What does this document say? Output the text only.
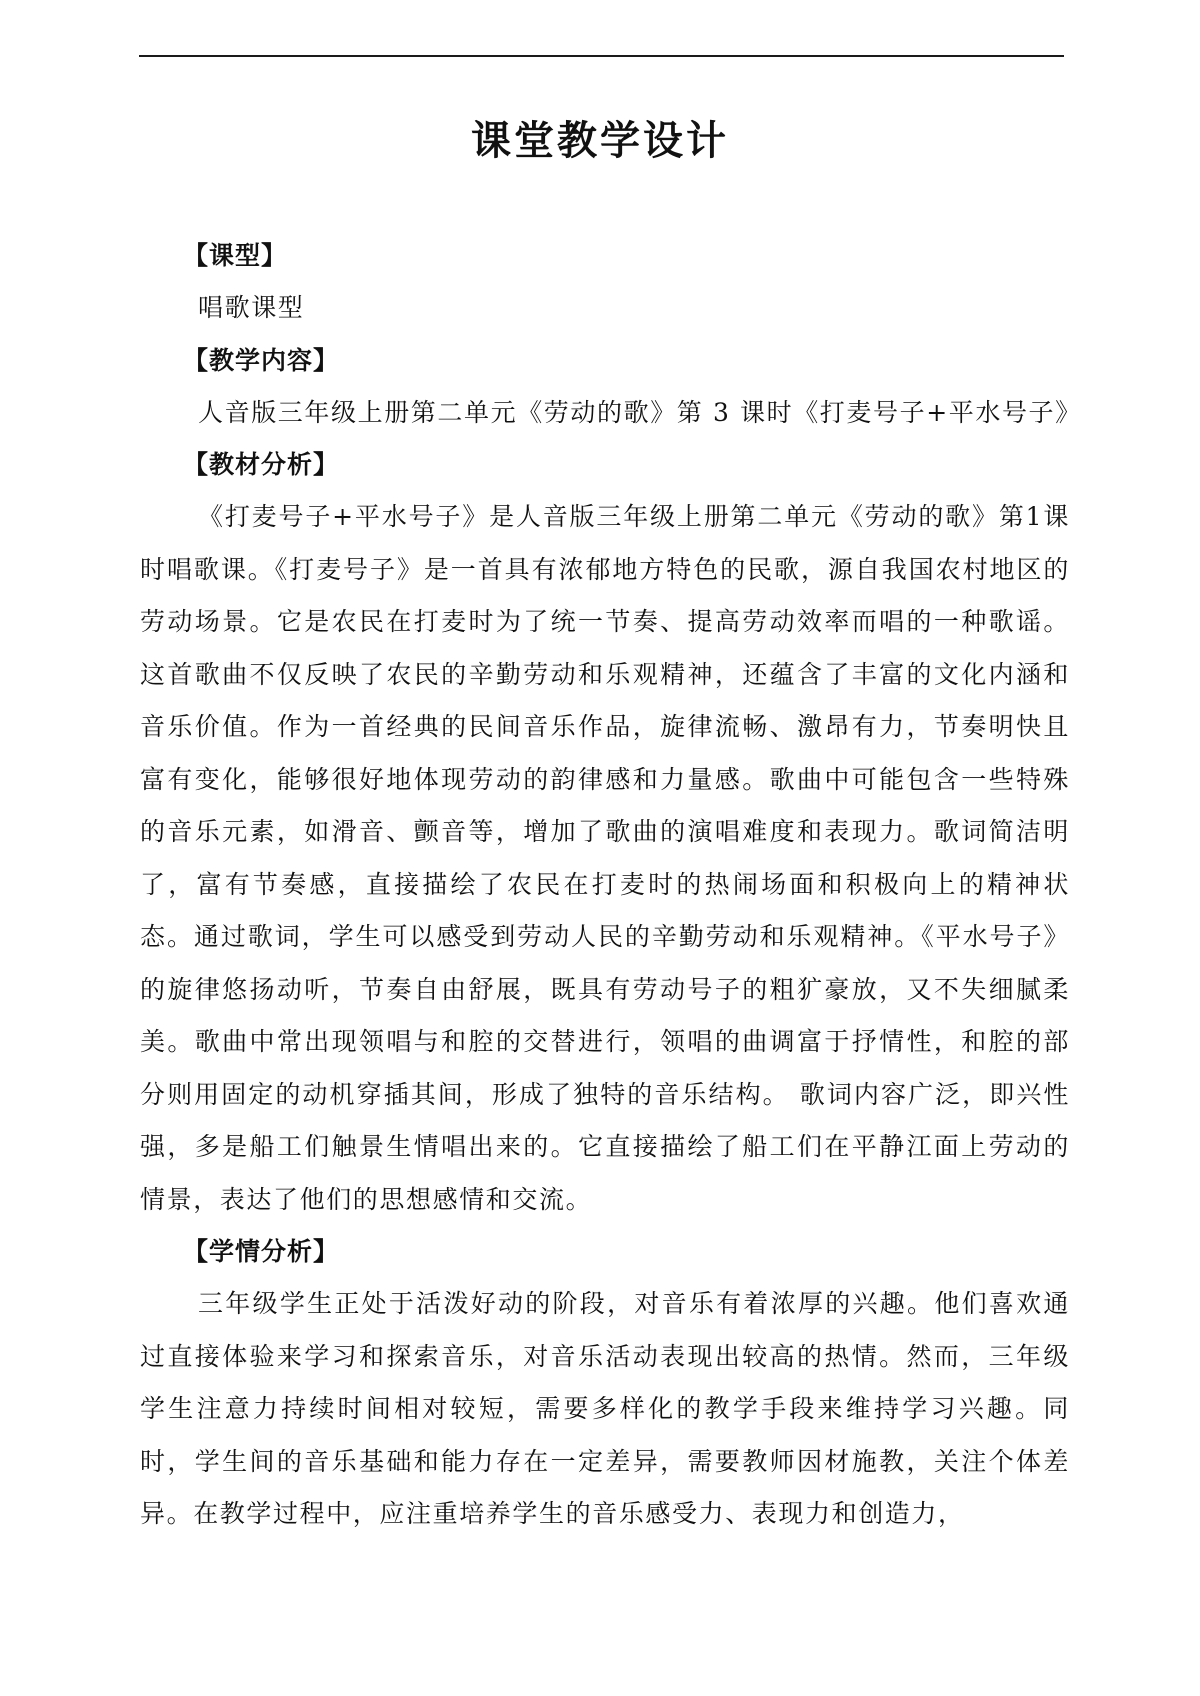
课堂教学设计
【课型】

唱歌课型

【教学内容】

人音版三年级上册第二单元《劳动的歌》第 3 课时《打麦号子+平水号子》

【教材分析】

《打麦号子+平水号子》是人音版三年级上册第二单元《劳动的歌》第1课时唱歌课。《打麦号子》是一首具有浓郁地方特色的民歌，源自我国农村地区的劳动场景。它是农民在打麦时为了统一节奏、提高劳动效率而唱的一种歌谣。这首歌曲不仅反映了农民的辛勤劳动和乐观精神，还蕴含了丰富的文化内涵和音乐价值。作为一首经典的民间音乐作品，旋律流畅、激昂有力，节奏明快且富有变化，能够很好地体现劳动的韵律感和力量感。歌曲中可能包含一些特殊的音乐元素，如滑音、颤音等，增加了歌曲的演唱难度和表现力。歌词简洁明了，富有节奏感，直接描绘了农民在打麦时的热闹场面和积极向上的精神状态。通过歌词，学生可以感受到劳动人民的辛勤劳动和乐观精神。《平水号子》的旋律悠扬动听，节奏自由舒展，既具有劳动号子的粗犷豪放，又不失细腻柔美。歌曲中常出现领唱与和腔的交替进行，领唱的曲调富于抒情性，和腔的部分则用固定的动机穿插其间，形成了独特的音乐结构。 歌词内容广泛，即兴性强，多是船工们触景生情唱出来的。它直接描绘了船工们在平静江面上劳动的情景，表达了他们的思想感情和交流。

【学情分析】

三年级学生正处于活泼好动的阶段，对音乐有着浓厚的兴趣。他们喜欢通过直接体验来学习和探索音乐，对音乐活动表现出较高的热情。然而，三年级学生注意力持续时间相对较短，需要多样化的教学手段来维持学习兴趣。同时，学生间的音乐基础和能力存在一定差异，需要教师因材施教，关注个体差异。在教学过程中，应注重培养学生的音乐感受力、表现力和创造力，
